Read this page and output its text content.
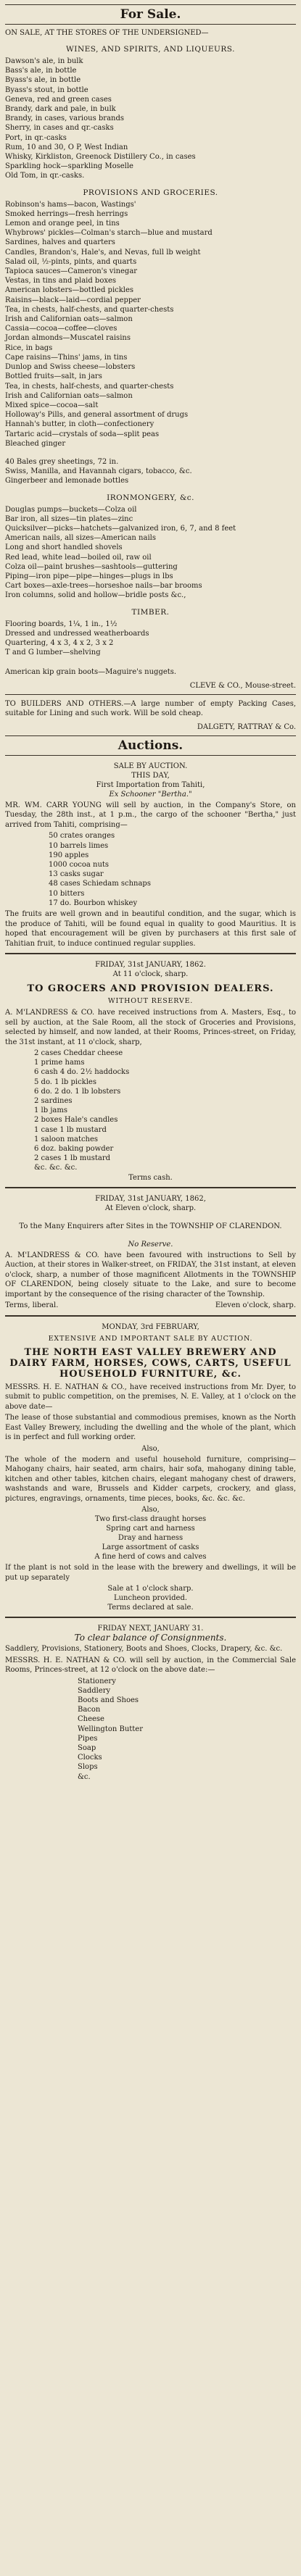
For Sale.
ON SALE, AT THE STORES OF THE UNDERSIGNED—
WINES, AND SPIRITS, AND LIQUEURS.
Dawson's ale, in bulk
Bass's ale, in bottle
Byass's ale, in bottle
Byass's stout, in bottle
Geneva, red and green cases
Brandy, dark and pale, in bulk
Brandy, in cases, various brands
Sherry, in cases and qr.-casks
Port, in qr.-casks
Rum, 10 and 30, O P, West Indian
Whisky, Kirkliston, Greenock Distillery Co., in cases
Sparkling hock—sparkling Moselle
Old Tom, in qr.-casks.
PROVISIONS AND GROCERIES.
Robinson's hams—bacon, Wastings'
Smoked herrings—fresh herrings
Lemon and orange peel, in tins
Whybrows' pickles—Colman's starch—blue and mustard
Sardines, halves and quarters
Candles, Brandon's, Hale's, and Nevas, full lb weight
Salad oil, ½-pints, pints, and quarts
Tapioca sauces—Cameron's vinegar
Vestas, in tins and plaid boxes
American lobsters—bottled pickles
Raisins—black—laid—cordial pepper
Tea, in chests, half-chests, and quarter-chests
Irish and Californian oats—salmon
Cassia—cocoa—coffee—cloves
Jordan almonds—Muscatel raisins
Rice, in bags
Cape raisins—Thins' jams, in tins
Dunlop and Swiss cheese—lobsters
Bottled fruits—salt, in jars
Tea, in chests, half-chests, and quarter-chests
Irish and Californian oats—salmon
Mixed spice—cocoa—salt
Holloway's Pills, and general assortment of drugs
Hannah's butter, in cloth—confectionery
Tartaric acid—crystals of soda—split peas
Bleached ginger
40 Bales grey sheetings, 72 in.
Swiss, Manilla, and Havannah cigars, tobacco, &c.
Gingerbeer and lemonade bottles
IRONMONGERY, &c.
Douglas pumps—buckets—Colza oil
Bar iron, all sizes—tin plates—zinc
Quicksilver—picks—hatchets—galvanized iron, 6, 7, and 8 feet
American nails, all sizes—American nails
Long and short handled shovels
Red lead, white lead—boiled oil, raw oil
Colza oil—paint brushes—sashtools—guttering
Piping—iron pipe—pipe—hinges—plugs in lbs
Cart boxes—axle-trees—horseshoe nails—bar brooms
Iron columns, solid and hollow—bridle posts &c.,
TIMBER.
Flooring boards, 1¼, 1 in., 1½
Dressed and undressed weatherboards
Quartering, 4 x 3, 4 x 2, 3 x 2
T and G lumber—shelving
American kip grain boots—Maguire's nuggets.
CLEVE & CO., Mouse-street.
TO BUILDERS AND OTHERS.—A large number of empty Packing Cases, suitable for Lining and such work. Will be sold cheap.
DALGETY, RATTRAY & Co.
Auctions.
SALE BY AUCTION.
THIS DAY,
First Importation from Tahiti,
Ex Schooner "Bertha."
MR. WM. CARR YOUNG will sell by auction, in the Company's Store, on Tuesday, the 28th inst., at 1 p.m., the cargo of the schooner "Bertha," just arrived from Tahiti, comprising—
50 crates oranges
10 barrels limes
190 apples
1000 cocoa nuts
13 casks sugar
48 cases Schiedam schnaps
10 bitters
17 do. Bourbon whiskey
The fruits are well grown and in beautiful condition, and the sugar, which is the produce of Tahiti, will be found equal in quality to good Mauritius. It is hoped that encouragement will be given by purchasers at this first sale of Tahitian fruit, to induce continued regular supplies.
FRIDAY, 31st JANUARY, 1862.
At 11 o'clock, sharp.
TO GROCERS AND PROVISION DEALERS.
WITHOUT RESERVE.
A. M'LANDRESS & CO. have received instructions from A. Masters, Esq., to sell by auction, at the Sale Room, all the stock of Groceries and Provisions, selected by himself, and now landed, at their Rooms, Princes-street, on Friday, the 31st instant, at 11 o'clock, sharp,
2 cases Cheddar cheese
1 prime hams
6 cash 4 do. 2½ haddocks
5 do. 1 lb pickles
6 do. 2 do. 1 lb lobsters
2 sardines
1 lb jams
2 boxes Hale's candles
1 case 1 lb mustard
1 saloon matches
6 doz. baking powder
2 cases 1 lb mustard
&c. &c. &c.
Terms cash.
FRIDAY, 31st JANUARY, 1862,
At Eleven o'clock, sharp.
To the Many Enquirers after Sites in the TOWNSHIP OF CLARENDON.
No Reserve.
A. M'LANDRESS & CO. have been favoured with instructions to Sell by Auction, at their stores in Walker-street, on FRIDAY, the 31st instant, at eleven o'clock, sharp, a number of those magnificent Allotments in the TOWNSHIP OF CLARENDON, being closely situate to the Lake, and sure to become important by the consequence of the rising character of the Township.
Terms, liberal.	Eleven o'clock, sharp.
MONDAY, 3rd FEBRUARY,
EXTENSIVE AND IMPORTANT SALE BY AUCTION.
THE NORTH EAST VALLEY BREWERY AND DAIRY FARM, HORSES, COWS, CARTS, USEFUL HOUSEHOLD FURNITURE, &c.
MESSRS. H. E. NATHAN & CO., have received instructions from Mr. Dyer, to submit to public competition, on the premises, N. E. Valley, at 1 o'clock on the above date—
The lease of those substantial and commodious premises, known as the North East Valley Brewery, including the dwelling and the whole of the plant, which is in perfect and full working order.
Also,
The whole of the modern and useful household furniture, comprising—Mahogany chairs, hair seated, arm chairs, hair sofa, mahogany dining table, kitchen and other tables, kitchen chairs, elegant mahogany chest of drawers, washstands and ware, Brussels and Kidder carpets, crockery, and glass, pictures, engravings, ornaments, time pieces, books, &c. &c. &c.
Also,
Two first-class draught horses
Spring cart and harness
Dray and harness
Large assortment of casks
A fine herd of cows and calves
If the plant is not sold in the lease with the brewery and dwellings, it will be put up separately
Sale at 1 o'clock sharp.
Luncheon provided.
Terms declared at sale.
FRIDAY NEXT, JANUARY 31.
To clear balance of Consignments.
Saddlery, Provisions, Stationery, Boots and Shoes, Clocks, Drapery, &c. &c.
MESSRS. H. E. NATHAN & CO. will sell by auction, in the Commercial Sale Rooms, Princes-street, at 12 o'clock on the above date:—
Stationery
Saddlery
Boots and Shoes
Bacon
Cheese
Wellington Butter
Pipes
Soap
Clocks
Slops
&c.
